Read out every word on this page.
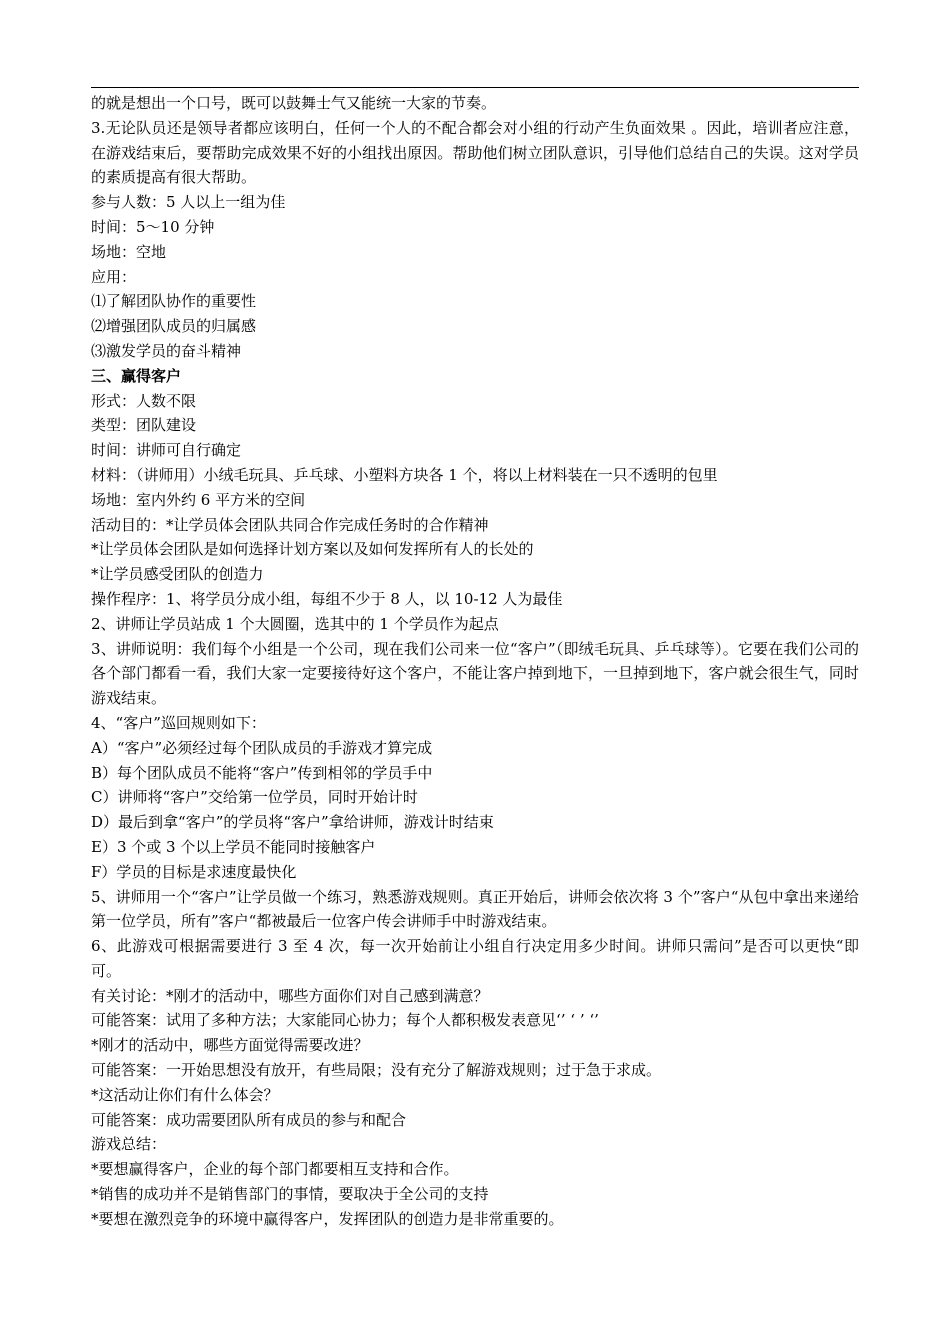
的就是想出一个口号，既可以鼓舞士气又能统一大家的节奏。

3.无论队员还是领导者都应该明白，任何一个人的不配合都会对小组的行动产生负面效果 。因此，培训者应注意，在游戏结束后，要帮助完成效果不好的小组找出原因。帮助他们树立团队意识，引导他们总结自己的失误。这对学员的素质提高有很大帮助。

参与人数：5 人以上一组为佳

时间：5～10 分钟

场地：空地

应用：

⑴了解团队协作的重要性

⑵增强团队成员的归属感

⑶激发学员的奋斗精神

三、赢得客户

形式：人数不限

类型：团队建设

时间：讲师可自行确定

材料：（讲师用）小绒毛玩具、乒乓球、小塑料方块各 1 个，将以上材料装在一只不透明的包里

场地：室内外约 6 平方米的空间

活动目的：*让学员体会团队共同合作完成任务时的合作精神

*让学员体会团队是如何选择计划方案以及如何发挥所有人的长处的

*让学员感受团队的创造力

操作程序：1、将学员分成小组，每组不少于 8 人，以 10-12 人为最佳

2、讲师让学员站成 1 个大圆圈，选其中的 1 个学员作为起点

3、讲师说明：我们每个小组是一个公司，现在我们公司来一位“客户”（即绒毛玩具、乒乓球等）。它要在我们公司的各个部门都看一看，我们大家一定要接待好这个客户，不能让客户掉到地下，一旦掉到地下，客户就会很生气，同时游戏结束。

4、“客户”巡回规则如下：

A）“客户”必须经过每个团队成员的手游戏才算完成

B）每个团队成员不能将“客户”传到相邻的学员手中

C）讲师将“客户”交给第一位学员，同时开始计时

D）最后到拿“客户”的学员将“客户”拿给讲师，游戏计时结束

E）3 个或 3 个以上学员不能同时接触客户

F）学员的目标是求速度最快化

5、讲师用一个“客户”让学员做一个练习，熟悉游戏规则。真正开始后，讲师会依次将 3 个”客户“从包中拿出来递给第一位学员，所有”客户“都被最后一位客户传会讲师手中时游戏结束。

6、此游戏可根据需要进行 3 至 4 次，每一次开始前让小组自行决定用多少时间。讲师只需问”是否可以更快“即可。

有关讨论：*刚才的活动中，哪些方面你们对自己感到满意？

可能答案：试用了多种方法；大家能同心协力；每个人都积极发表意见‘’ ‘ ’ ‘’

*刚才的活动中，哪些方面觉得需要改进？

可能答案：一开始思想没有放开，有些局限；没有充分了解游戏规则；过于急于求成。

*这活动让你们有什么体会？

可能答案：成功需要团队所有成员的参与和配合

游戏总结：

*要想赢得客户，企业的每个部门都要相互支持和合作。

*销售的成功并不是销售部门的事情，要取决于全公司的支持

*要想在激烈竞争的环境中赢得客户，发挥团队的创造力是非常重要的。
